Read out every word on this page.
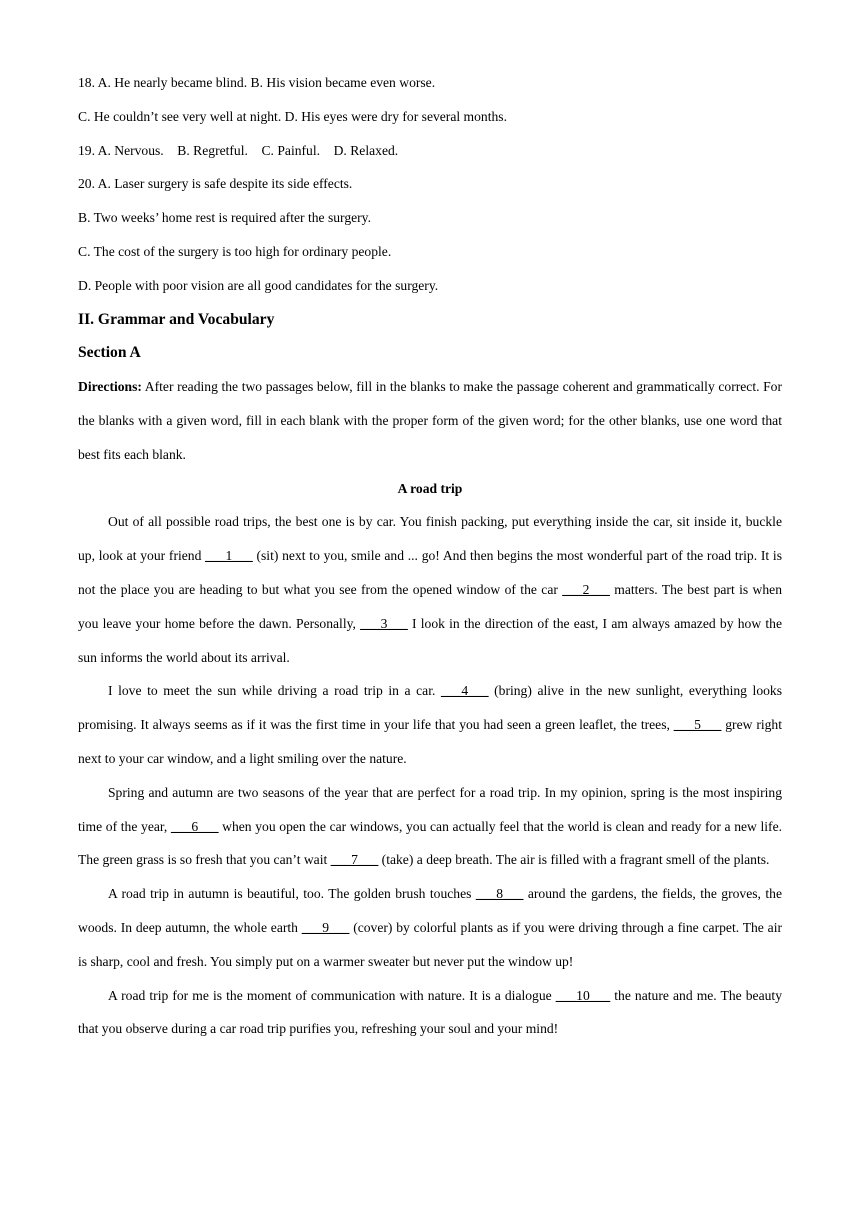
18. A. He nearly became blind. B. His vision became even worse.

C. He couldn’t see very well at night. D. His eyes were dry for several months.

19. A. Nervous.    B. Regretful.    C. Painful.    D. Relaxed.

20. A. Laser surgery is safe despite its side effects.

B. Two weeks’ home rest is required after the surgery.

C. The cost of the surgery is too high for ordinary people.

D. People with poor vision are all good candidates for the surgery.

II. Grammar and Vocabulary

Section A

Directions: After reading the two passages below, fill in the blanks to make the passage coherent and grammatically correct. For the blanks with a given word, fill in each blank with the proper form of the given word; for the other blanks, use one word that best fits each blank.

A road trip

Out of all possible road trips, the best one is by car. You finish packing, put everything inside the car, sit inside it, buckle up, look at your friend ___1___ (sit) next to you, smile and ... go! And then begins the most wonderful part of the road trip. It is not the place you are heading to but what you see from the opened window of the car ___2___ matters. The best part is when you leave your home before the dawn. Personally, ___3___ I look in the direction of the east, I am always amazed by how the sun informs the world about its arrival.

I love to meet the sun while driving a road trip in a car. ___4___ (bring) alive in the new sunlight, everything looks promising. It always seems as if it was the first time in your life that you had seen a green leaflet, the trees, ___5___ grew right next to your car window, and a light smiling over the nature.

Spring and autumn are two seasons of the year that are perfect for a road trip. In my opinion, spring is the most inspiring time of the year, ___6___ when you open the car windows, you can actually feel that the world is clean and ready for a new life. The green grass is so fresh that you can’t wait ___7___ (take) a deep breath. The air is filled with a fragrant smell of the plants.

A road trip in autumn is beautiful, too. The golden brush touches ___8___ around the gardens, the fields, the groves, the woods. In deep autumn, the whole earth ___9___ (cover) by colorful plants as if you were driving through a fine carpet. The air is sharp, cool and fresh. You simply put on a warmer sweater but never put the window up!

A road trip for me is the moment of communication with nature. It is a dialogue ___10___ the nature and me. The beauty that you observe during a car road trip purifies you, refreshing your soul and your mind!
